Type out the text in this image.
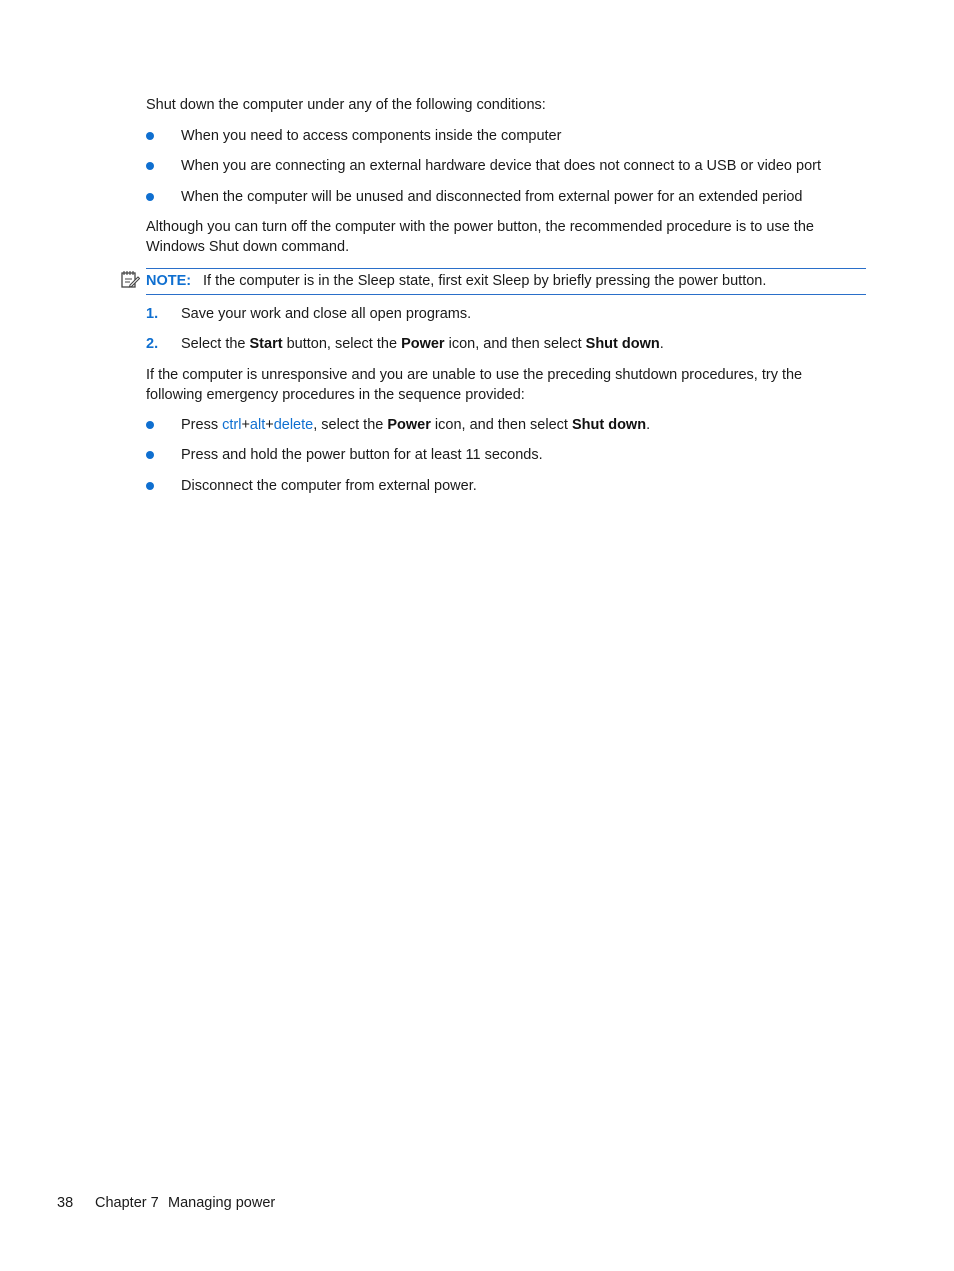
Shut down the computer under any of the following conditions:
When you need to access components inside the computer
When you are connecting an external hardware device that does not connect to a USB or video port
When the computer will be unused and disconnected from external power for an extended period
Although you can turn off the computer with the power button, the recommended procedure is to use the Windows Shut down command.
NOTE: If the computer is in the Sleep state, first exit Sleep by briefly pressing the power button.
1. Save your work and close all open programs.
2. Select the Start button, select the Power icon, and then select Shut down.
If the computer is unresponsive and you are unable to use the preceding shutdown procedures, try the following emergency procedures in the sequence provided:
Press ctrl+alt+delete, select the Power icon, and then select Shut down.
Press and hold the power button for at least 11 seconds.
Disconnect the computer from external power.
38 Chapter 7 Managing power
